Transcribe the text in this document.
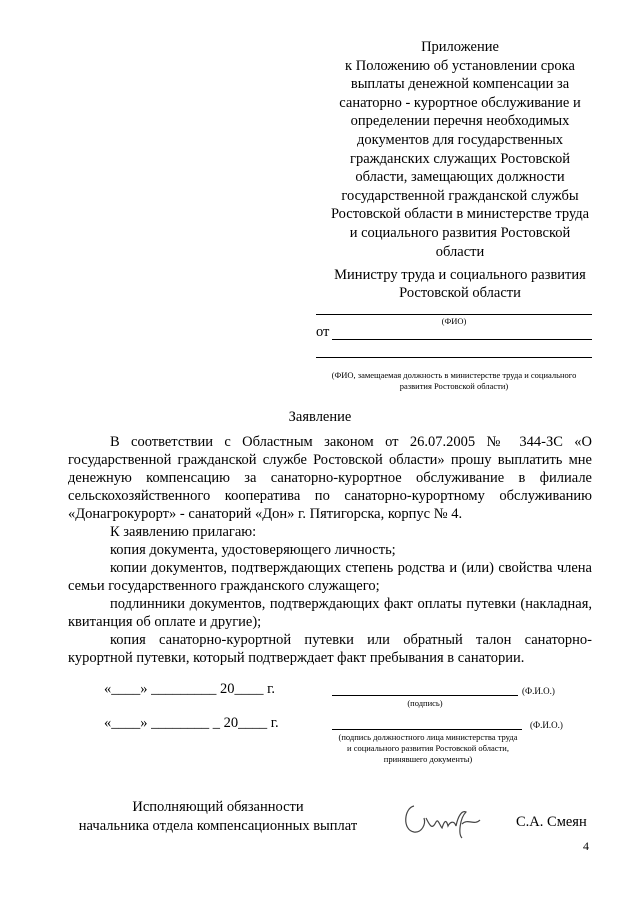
Приложение
к Положению об установлении срока
выплаты денежной компенсации за
санаторно - курортное обслуживание и
определении перечня необходимых
документов для государственных
гражданских служащих Ростовской
области, замещающих должности
государственной гражданской службы
Ростовской области в министерстве труда
и социального развития Ростовской
области
Министру труда и социального развития
Ростовской области
(ФИО)
от
(ФИО, замещаемая должность в министерстве труда и социального
развития Ростовской области)
Заявление

В соответствии с Областным законом от 26.07.2005 № 344-ЗС «О государственной гражданской службе Ростовской области» прошу выплатить мне денежную компенсацию за санаторно-курортное обслуживание в филиале сельскохозяйственного кооператива по санаторно-курортному обслуживанию «Донагрокурорт» - санаторий «Дон» г. Пятигорска, корпус № 4.

К заявлению прилагаю:

копия документа, удостоверяющего личность;

копии документов, подтверждающих степень родства и (или) свойства члена семьи государственного гражданского служащего;

подлинники документов, подтверждающих факт оплаты путевки (накладная, квитанция об оплате и другие);

копия санаторно-курортной путевки или обратный талон санаторно-курортной путевки, который подтверждает факт пребывания в санатории.

«____» _________ 20____ г.	(Ф.И.О.)
(подпись)
«____» ________ _ 20____ г.	(Ф.И.О.)
(подпись должностного лица министерства труда
и социального развития Ростовской области,
принявшего документы)
Исполняющий обязанности
начальника отдела компенсационных выплат	С.А. Смеян
4
